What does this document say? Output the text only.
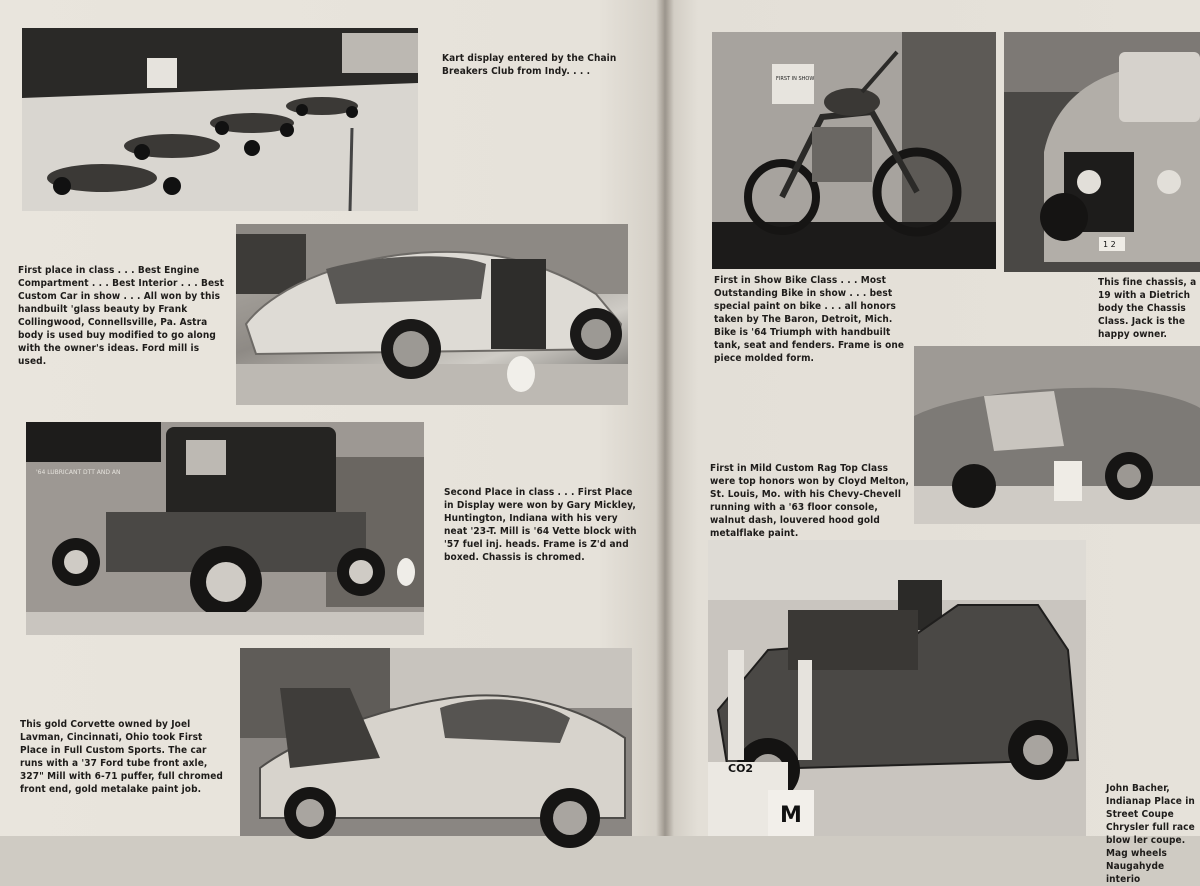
Kart display entered by the Chain Breakers Club from Indy. . . .

First place in class . . . Best Engine Compartment . . . Best Interior . . . Best Custom Car in show . . . All won by this handbuilt 'glass beauty by Frank Collingwood, Connellsville, Pa. Astra body is used buy modified to go along with the owner's ideas. Ford mill is used.

'64 LUBRICANT DTT AND AN

Second Place in class . . . First Place in Display were won by Gary Mickley, Huntington, Indiana with his very neat '23-T. Mill is '64 Vette block with '57 fuel inj. heads. Frame is Z'd and boxed. Chassis is chromed.

This gold Corvette owned by Joel Lavman, Cincinnati, Ohio took First Place in Full Custom Sports. The car runs with a '37 Ford tube front axle, 327" Mill with 6-71 puffer, full chromed front end, gold metalake paint job.

FIRST IN SHOW

First in Show Bike Class . . . Most Outstanding Bike in show . . . best special paint on bike . . . all honors taken by The Baron, Detroit, Mich. Bike is '64 Triumph with handbuilt tank, seat and fenders. Frame is one piece molded form.

1 2

This fine chassis, a 19 with a Dietrich body the Chassis Class. Jack is the happy owner.

First in Mild Custom Rag Top Class were top honors won by Cloyd Melton, St. Louis, Mo. with his Chevy-Chevell running with a '63 floor console, walnut dash, louvered hood gold metalflake paint.

CO2
M

John Bacher, Indianap Place in Street Coupe Chrysler full race blow ler coupe. Mag wheels Naugahyde interio
